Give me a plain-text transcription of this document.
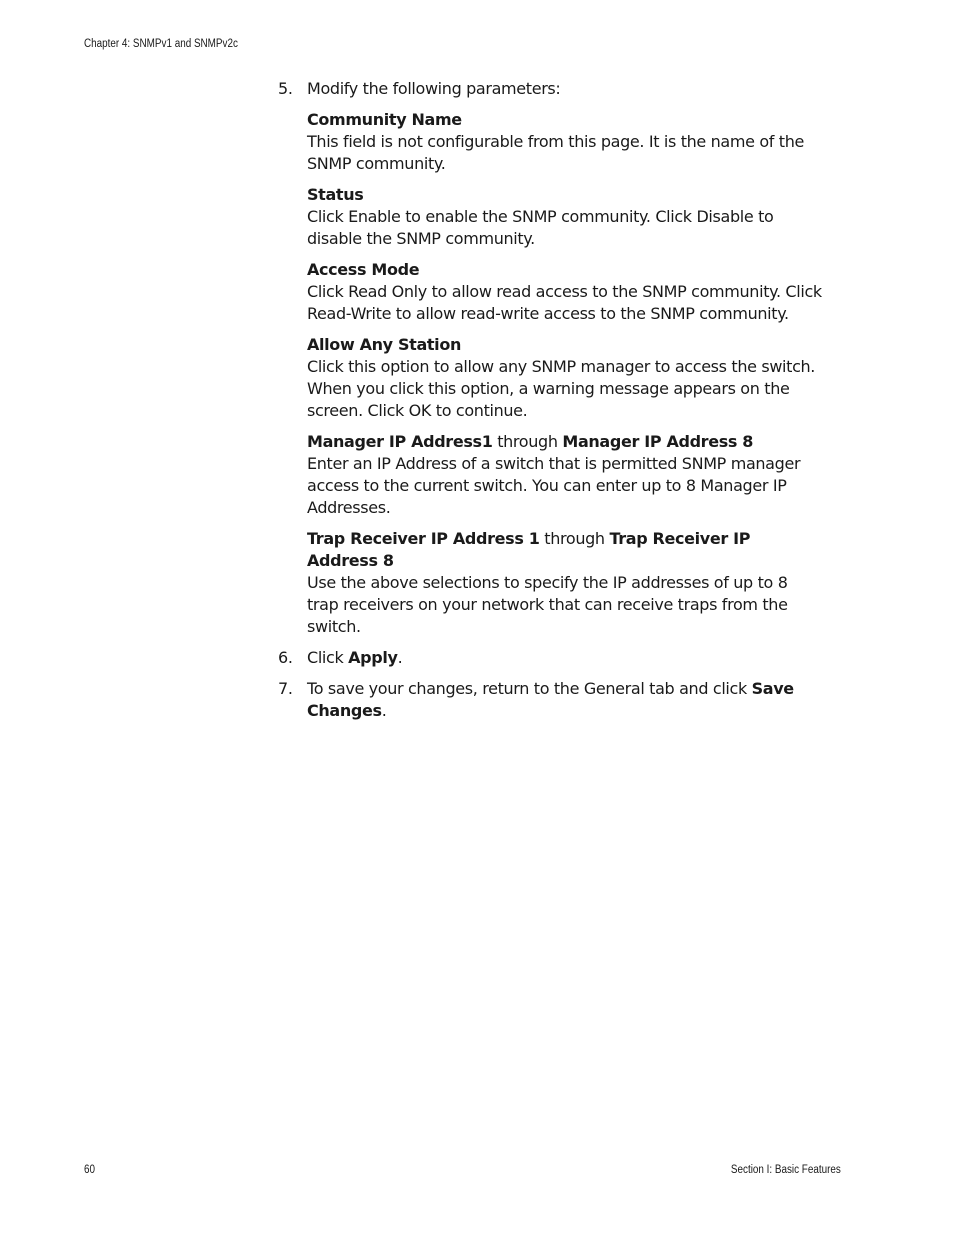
Chapter 4: SNMPv1 and SNMPv2c
5. Modify the following parameters:

Community Name

This field is not configurable from this page. It is the name of the SNMP community.

Status

Click Enable to enable the SNMP community. Click Disable to disable the SNMP community.

Access Mode

Click Read Only to allow read access to the SNMP community. Click Read-Write to allow read-write access to the SNMP community.

Allow Any Station

Click this option to allow any SNMP manager to access the switch. When you click this option, a warning message appears on the screen. Click OK to continue.

Manager IP Address1 through Manager IP Address 8

Enter an IP Address of a switch that is permitted SNMP manager access to the current switch. You can enter up to 8 Manager IP Addresses.

Trap Receiver IP Address 1 through Trap Receiver IP Address 8

Use the above selections to specify the IP addresses of up to 8 trap receivers on your network that can receive traps from the switch.

6. Click Apply.

7. To save your changes, return to the General tab and click Save Changes.

60	Section I: Basic Features
